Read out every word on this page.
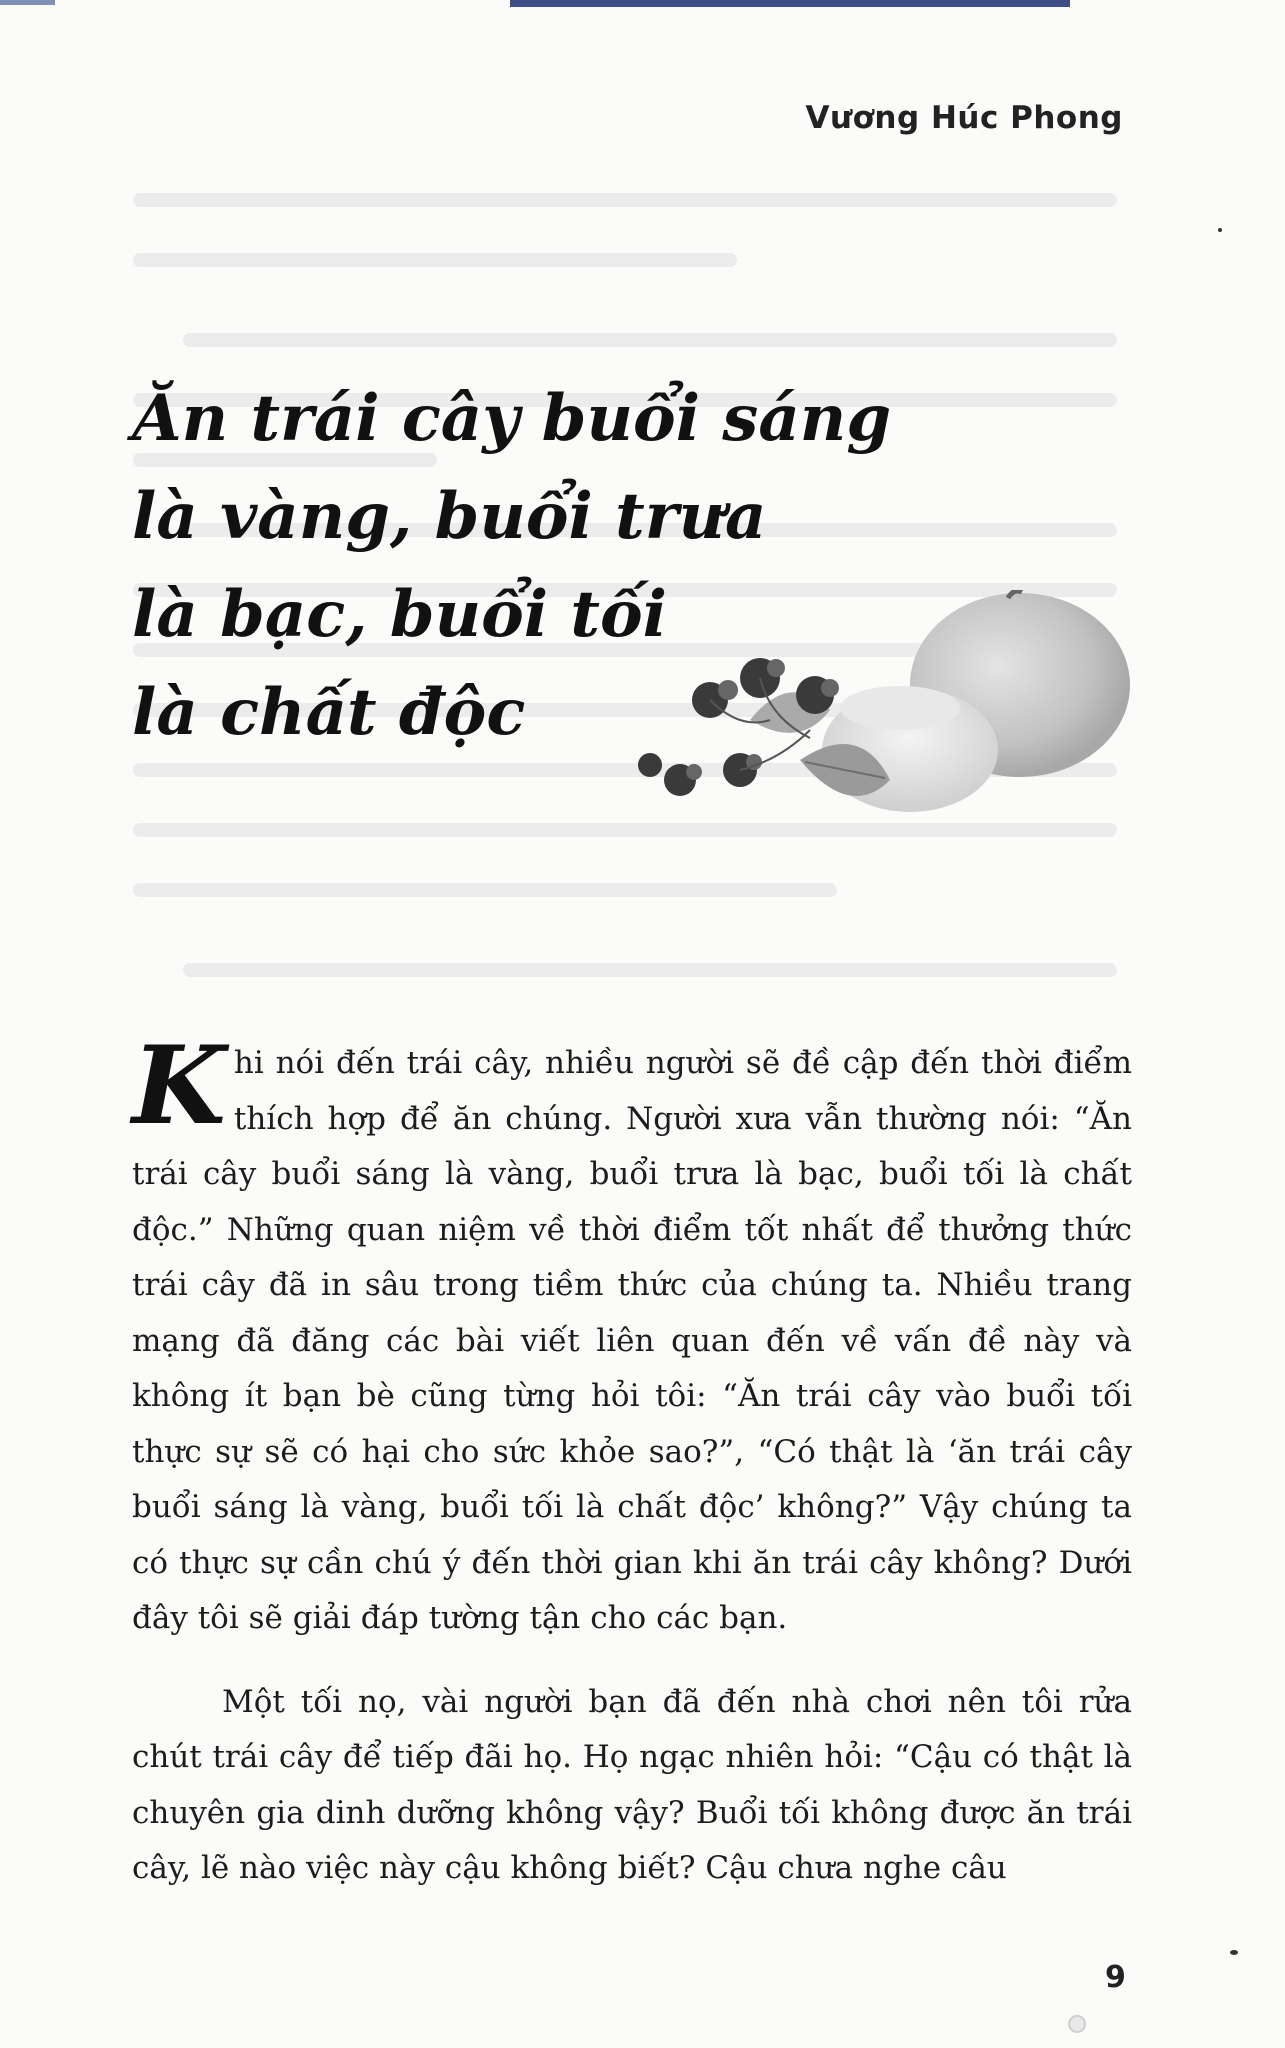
Vương Húc Phong
Ăn trái cây buổi sáng
là vàng, buổi trưa
là bạc, buổi tối
là chất độc

Khi nói đến trái cây, nhiều người sẽ đề cập đến thời điểm thích hợp để ăn chúng. Người xưa vẫn thường nói: “Ăn trái cây buổi sáng là vàng, buổi trưa là bạc, buổi tối là chất độc.” Những quan niệm về thời điểm tốt nhất để thưởng thức trái cây đã in sâu trong tiềm thức của chúng ta. Nhiều trang mạng đã đăng các bài viết liên quan đến về vấn đề này và không ít bạn bè cũng từng hỏi tôi: “Ăn trái cây vào buổi tối thực sự sẽ có hại cho sức khỏe sao?”, “Có thật là ‘ăn trái cây buổi sáng là vàng, buổi tối là chất độc’ không?” Vậy chúng ta có thực sự cần chú ý đến thời gian khi ăn trái cây không? Dưới đây tôi sẽ giải đáp tường tận cho các bạn.

Một tối nọ, vài người bạn đã đến nhà chơi nên tôi rửa chút trái cây để tiếp đãi họ. Họ ngạc nhiên hỏi: “Cậu có thật là chuyên gia dinh dưỡng không vậy? Buổi tối không được ăn trái cây, lẽ nào việc này cậu không biết? Cậu chưa nghe câu

9
